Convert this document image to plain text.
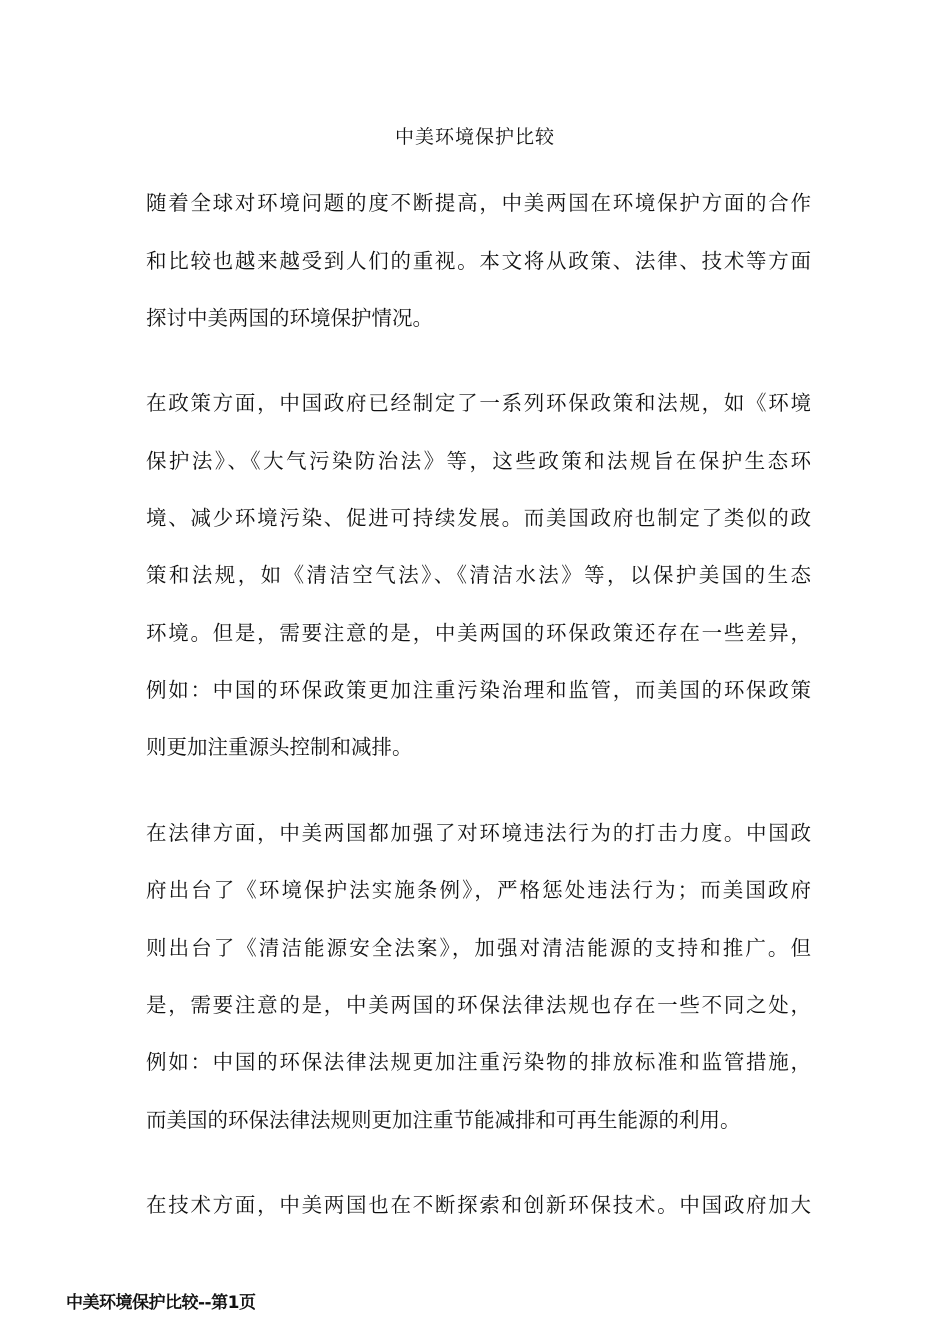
中美环境保护比较
随着全球对环境问题的度不断提高，中美两国在环境保护方面的合作
和比较也越来越受到人们的重视。本文将从政策、法律、技术等方面
探讨中美两国的环境保护情况。
在政策方面，中国政府已经制定了一系列环保政策和法规，如《环境
保护法》、《大气污染防治法》等，这些政策和法规旨在保护生态环
境、减少环境污染、促进可持续发展。而美国政府也制定了类似的政
策和法规，如《清洁空气法》、《清洁水法》等，以保护美国的生态
环境。但是，需要注意的是，中美两国的环保政策还存在一些差异，
例如：中国的环保政策更加注重污染治理和监管，而美国的环保政策
则更加注重源头控制和减排。
在法律方面，中美两国都加强了对环境违法行为的打击力度。中国政
府出台了《环境保护法实施条例》，严格惩处违法行为；而美国政府
则出台了《清洁能源安全法案》，加强对清洁能源的支持和推广。但
是，需要注意的是，中美两国的环保法律法规也存在一些不同之处，
例如：中国的环保法律法规更加注重污染物的排放标准和监管措施，
而美国的环保法律法规则更加注重节能减排和可再生能源的利用。
在技术方面，中美两国也在不断探索和创新环保技术。中国政府加大
中美环境保护比较--第1页
